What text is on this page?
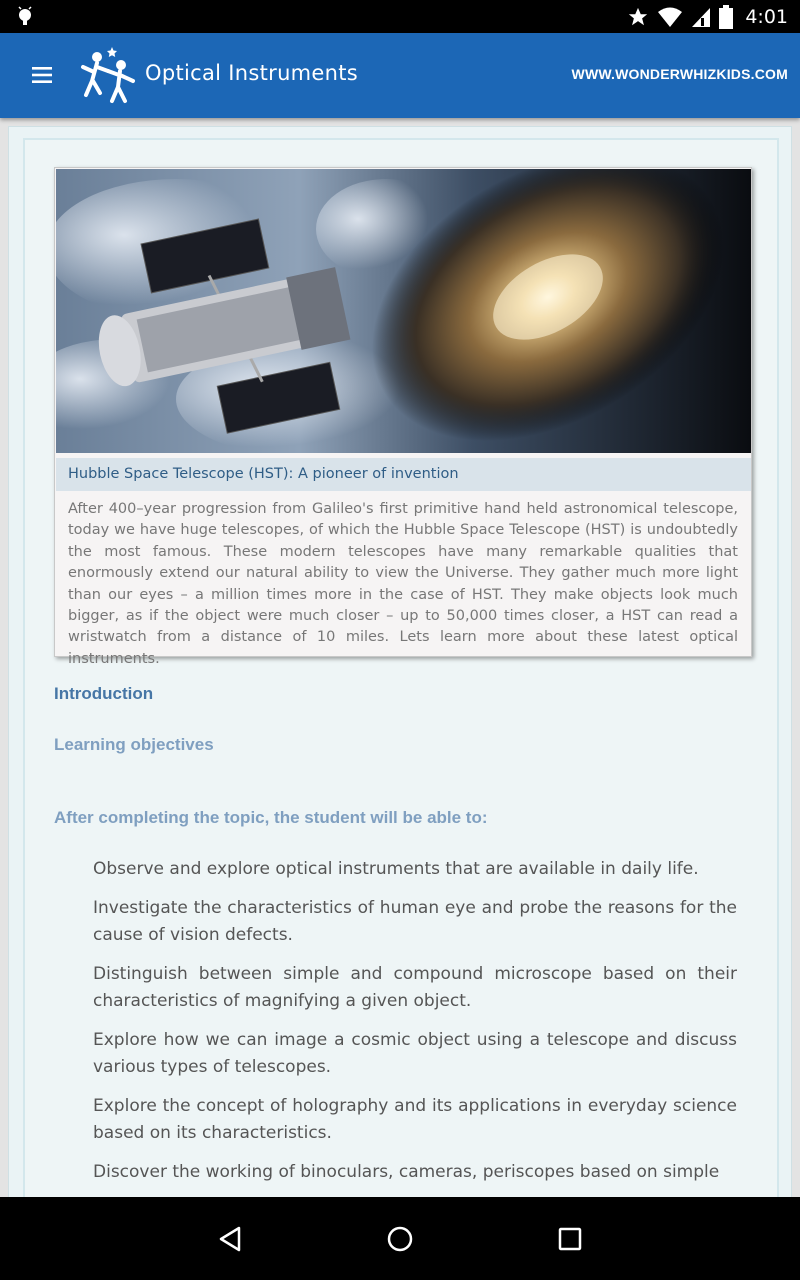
4:01
Optical Instruments	WWW.WONDERWHIZKIDS.COM
Hubble Space Telescope (HST): A pioneer of invention
After 400–year progression from Galileo's first primitive hand held astronomical telescope, today we have huge telescopes, of which the Hubble Space Telescope (HST) is undoubtedly the most famous. These modern telescopes have many remarkable qualities that enormously extend our natural ability to view the Universe. They gather much more light than our eyes – a million times more in the case of HST. They make objects look much bigger, as if the object were much closer – up to 50,000 times closer, a HST can read a wristwatch from a distance of 10 miles. Lets learn more about these latest optical instruments.
Introduction
Learning objectives
After completing the topic, the student will be able to:
Observe and explore optical instruments that are available in daily life.
Investigate the characteristics of human eye and probe the reasons for the cause of vision defects.
Distinguish between simple and compound microscope based on their characteristics of magnifying a given object.
Explore how we can image a cosmic object using a telescope and discuss various types of telescopes.
Explore the concept of holography and its applications in everyday science based on its characteristics.
Discover the working of binoculars, cameras, periscopes based on simple
